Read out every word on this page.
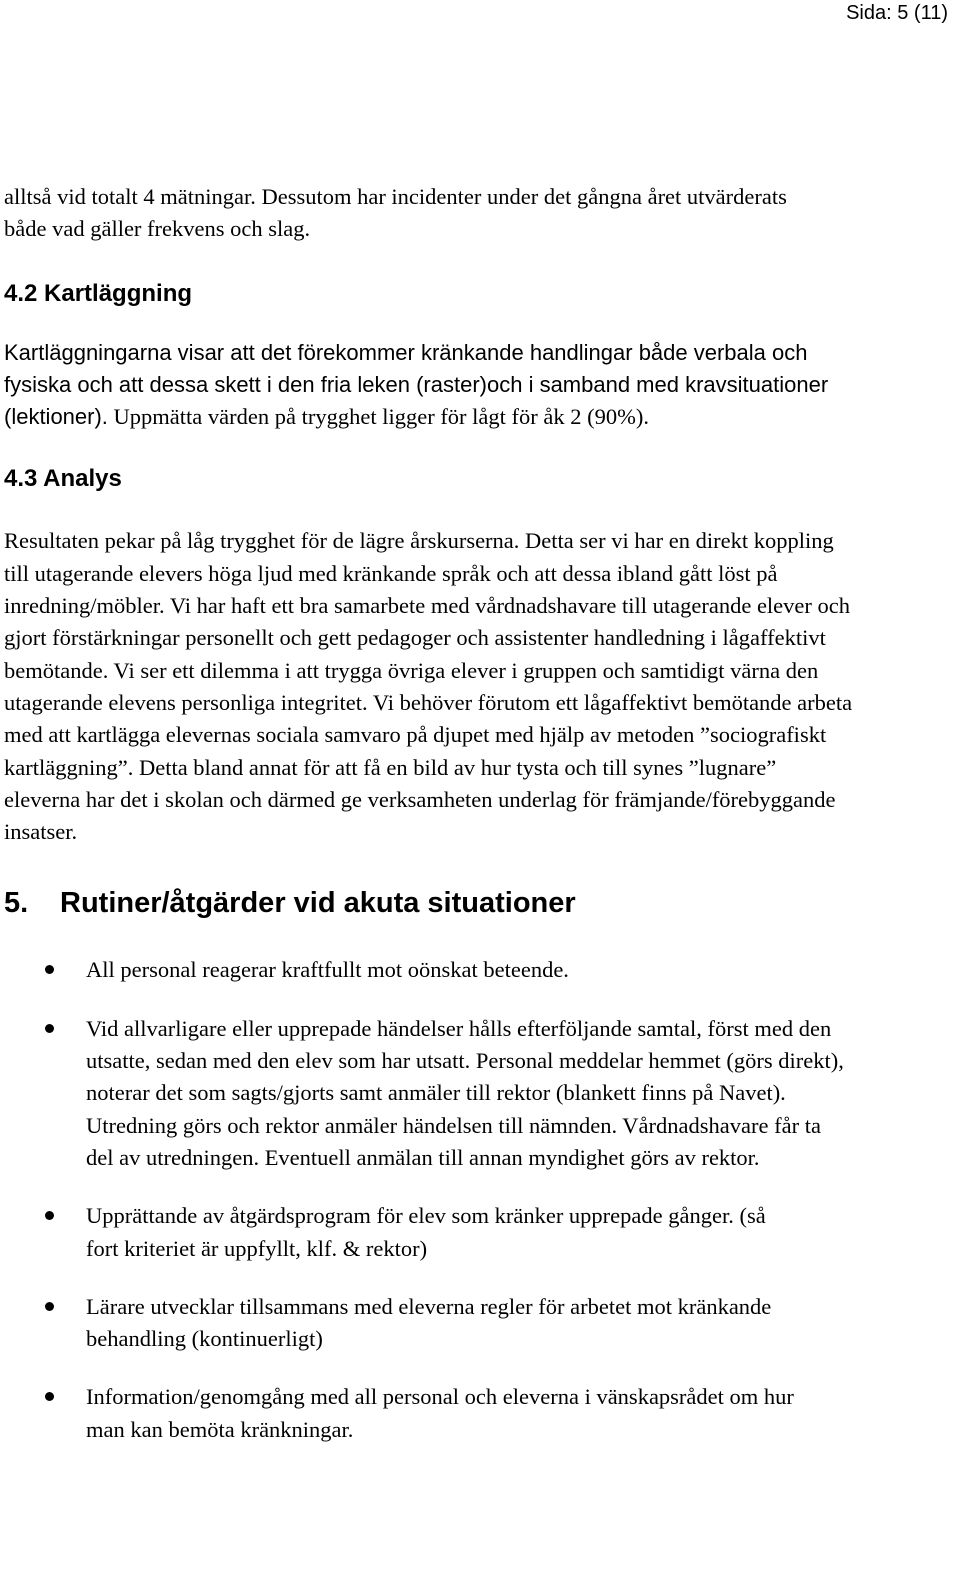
Sida: 5 (11)

alltså vid totalt 4 mätningar. Dessutom har incidenter under det gångna året utvärderats både vad gäller frekvens och slag.

4.2 Kartläggning

Kartläggningarna visar att det förekommer kränkande handlingar både verbala och fysiska och att dessa skett i den fria leken (raster)och i samband med kravsituationer (lektioner). Uppmätta värden på trygghet ligger för lågt för åk 2 (90%).

4.3 Analys

Resultaten pekar på låg trygghet för de lägre årskurserna. Detta ser vi har en direkt koppling till utagerande elevers höga ljud med kränkande språk och att dessa ibland gått löst på inredning/möbler. Vi har haft ett bra samarbete med vårdnadshavare till utagerande elever och gjort förstärkningar personellt och gett pedagoger och assistenter handledning i lågaffektivt bemötande. Vi ser ett dilemma i att trygga övriga elever i gruppen och samtidigt värna den utagerande elevens personliga integritet. Vi behöver förutom ett lågaffektivt bemötande arbeta med att kartlägga elevernas sociala samvaro på djupet med hjälp av metoden ”sociografiskt kartläggning”. Detta bland annat för att få en bild av hur tysta och till synes ”lugnare” eleverna har det i skolan och därmed ge verksamheten underlag för främjande/förebyggande insatser.

5.	Rutiner/åtgärder vid akuta situationer
All personal reagerar kraftfullt mot oönskat beteende.
Vid allvarligare eller upprepade händelser hålls efterföljande samtal, först med den utsatte, sedan med den elev som har utsatt. Personal meddelar hemmet (görs direkt), noterar det som sagts/gjorts samt anmäler till rektor (blankett finns på Navet). Utredning görs och rektor anmäler händelsen till nämnden. Vårdnadshavare får ta del av utredningen. Eventuell anmälan till annan myndighet görs av rektor.
Upprättande av åtgärdsprogram för elev som kränker upprepade gånger. (så fort kriteriet är uppfyllt, klf. & rektor)
Lärare utvecklar tillsammans med eleverna regler för arbetet mot kränkande behandling (kontinuerligt)
Information/genomgång med all personal och eleverna i vänskapsrådet om hur man kan bemöta kränkningar.
